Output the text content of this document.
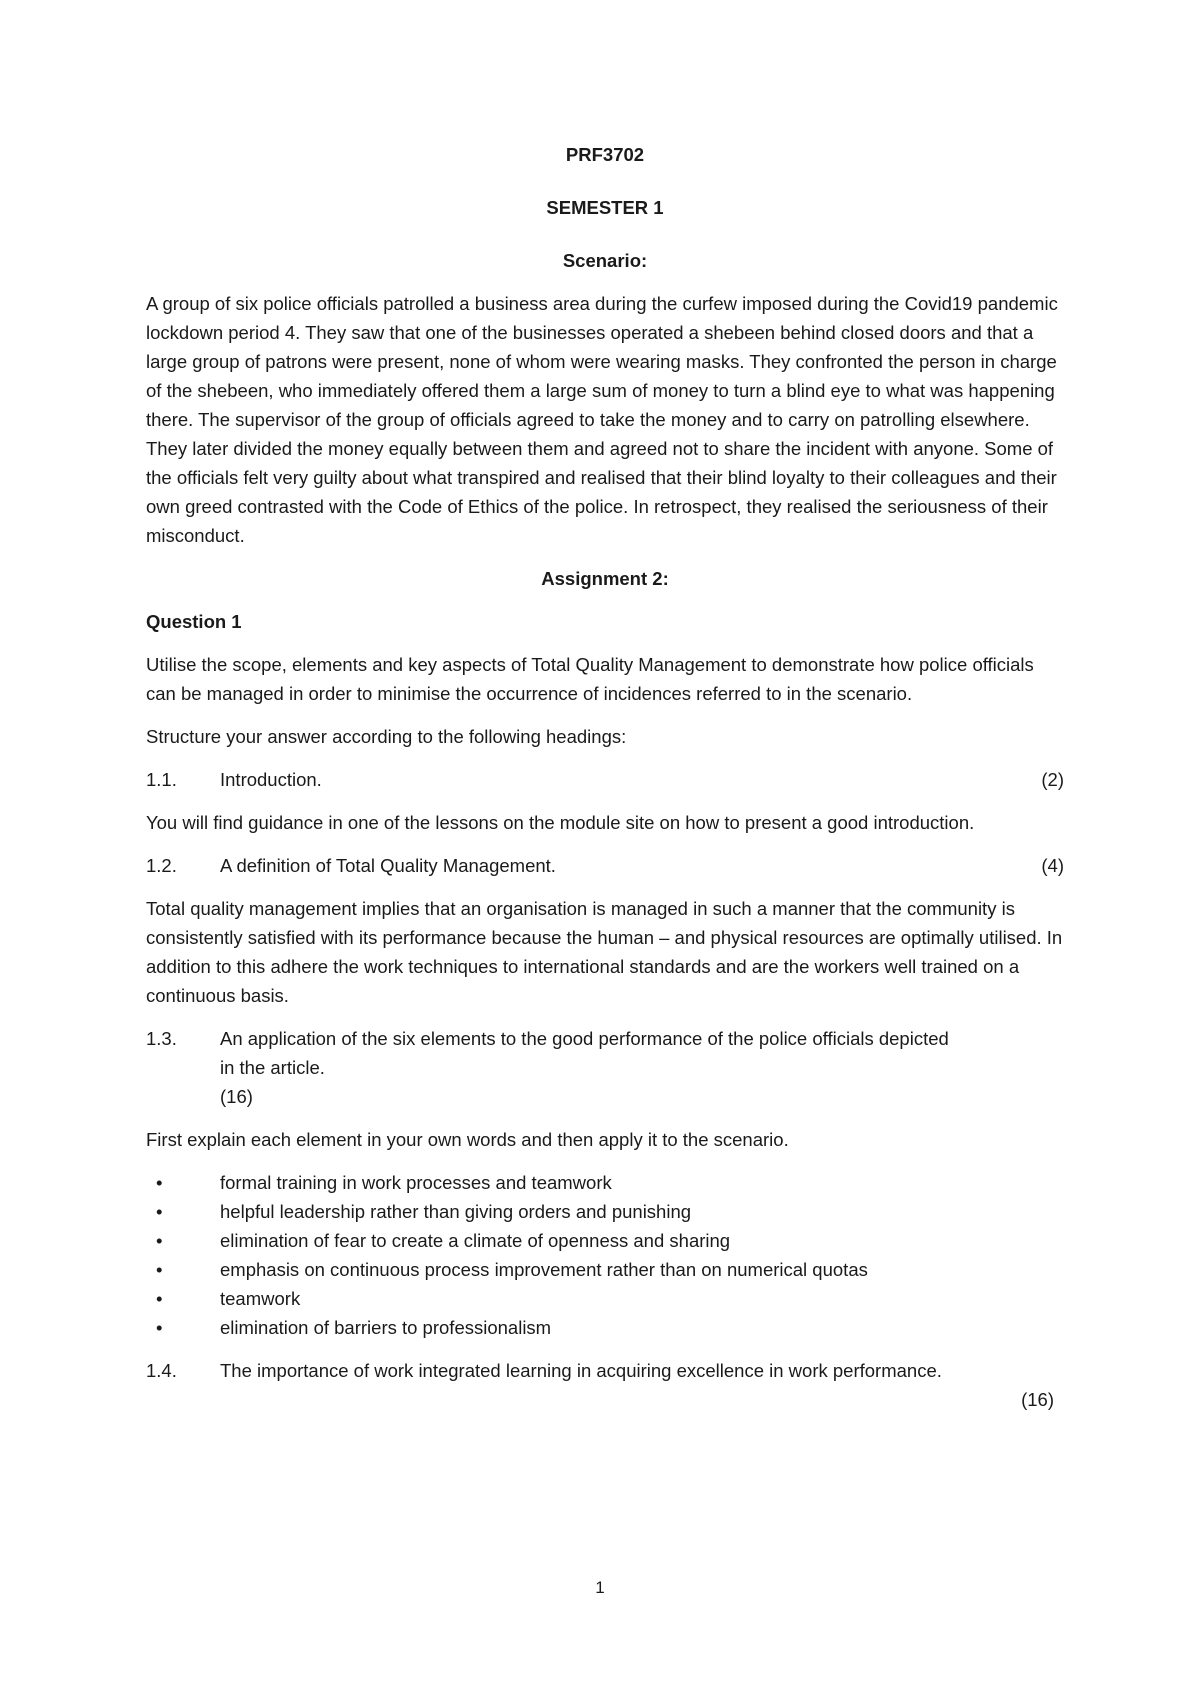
PRF3702

SEMESTER 1

Scenario:

A group of six police officials patrolled a business area during the curfew imposed during the Covid19 pandemic lockdown period 4. They saw that one of the businesses operated a shebeen behind closed doors and that a large group of patrons were present, none of whom were wearing masks. They confronted the person in charge of the shebeen, who immediately offered them a large sum of money to turn a blind eye to what was happening there. The supervisor of the group of officials agreed to take the money and to carry on patrolling elsewhere. They later divided the money equally between them and agreed not to share the incident with anyone. Some of the officials felt very guilty about what transpired and realised that their blind loyalty to their colleagues and their own greed contrasted with the Code of Ethics of the police. In retrospect, they realised the seriousness of their misconduct.

Assignment 2:

Question 1

Utilise the scope, elements and key aspects of Total Quality Management to demonstrate how police officials can be managed in order to minimise the occurrence of incidences referred to in the scenario.

Structure your answer according to the following headings:

1.1.	Introduction.	(2)

You will find guidance in one of the lessons on the module site on how to present a good introduction.

1.2.	A definition of Total Quality Management.	(4)

Total quality management implies that an organisation is managed in such a manner that the community is consistently satisfied with its performance because the human – and physical resources are optimally utilised. In addition to this adhere the work techniques to international standards and are the workers well trained on a continuous basis.

1.3.	An application of the six elements to the good performance of the police officials depicted
in the article.
(16)

First explain each element in your own words and then apply it to the scenario.

•	formal training in work processes and teamwork
•	helpful leadership rather than giving orders and punishing
•	elimination of fear to create a climate of openness and sharing
•	emphasis on continuous process improvement rather than on numerical quotas
•	teamwork
•	elimination of barriers to professionalism
1.4.	The importance of work integrated learning in acquiring excellence in work performance.
(16)
1
